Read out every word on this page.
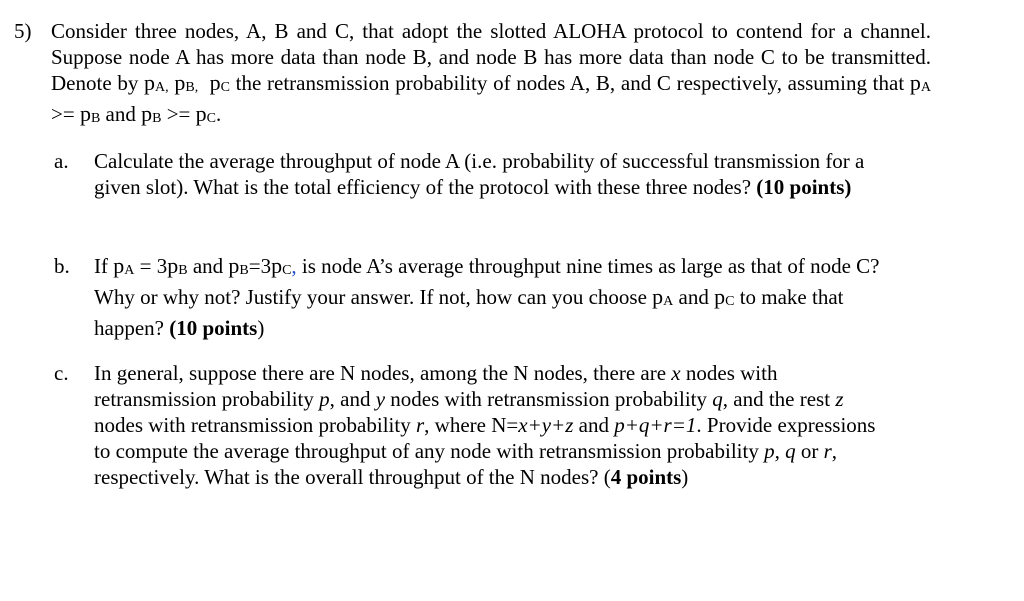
5) Consider three nodes, A, B and C, that adopt the slotted ALOHA protocol to contend for a channel. Suppose node A has more data than node B, and node B has more data than node C to be transmitted. Denote by pA, pB, pC the retransmission probability of nodes A, B, and C respectively, assuming that pA >= pB and pB >= pC.

a. Calculate the average throughput of node A (i.e. probability of successful transmission for a given slot). What is the total efficiency of the protocol with these three nodes? (10 points)

b. If pA = 3pB and pB=3pC, is node A’s average throughput nine times as large as that of node C? Why or why not? Justify your answer. If not, how can you choose pA and pC to make that happen? (10 points)

c. In general, suppose there are N nodes, among the N nodes, there are x nodes with retransmission probability p, and y nodes with retransmission probability q, and the rest z nodes with retransmission probability r, where N=x+y+z and p+q+r=1. Provide expressions to compute the average throughput of any node with retransmission probability p, q or r, respectively. What is the overall throughput of the N nodes? (4 points)
